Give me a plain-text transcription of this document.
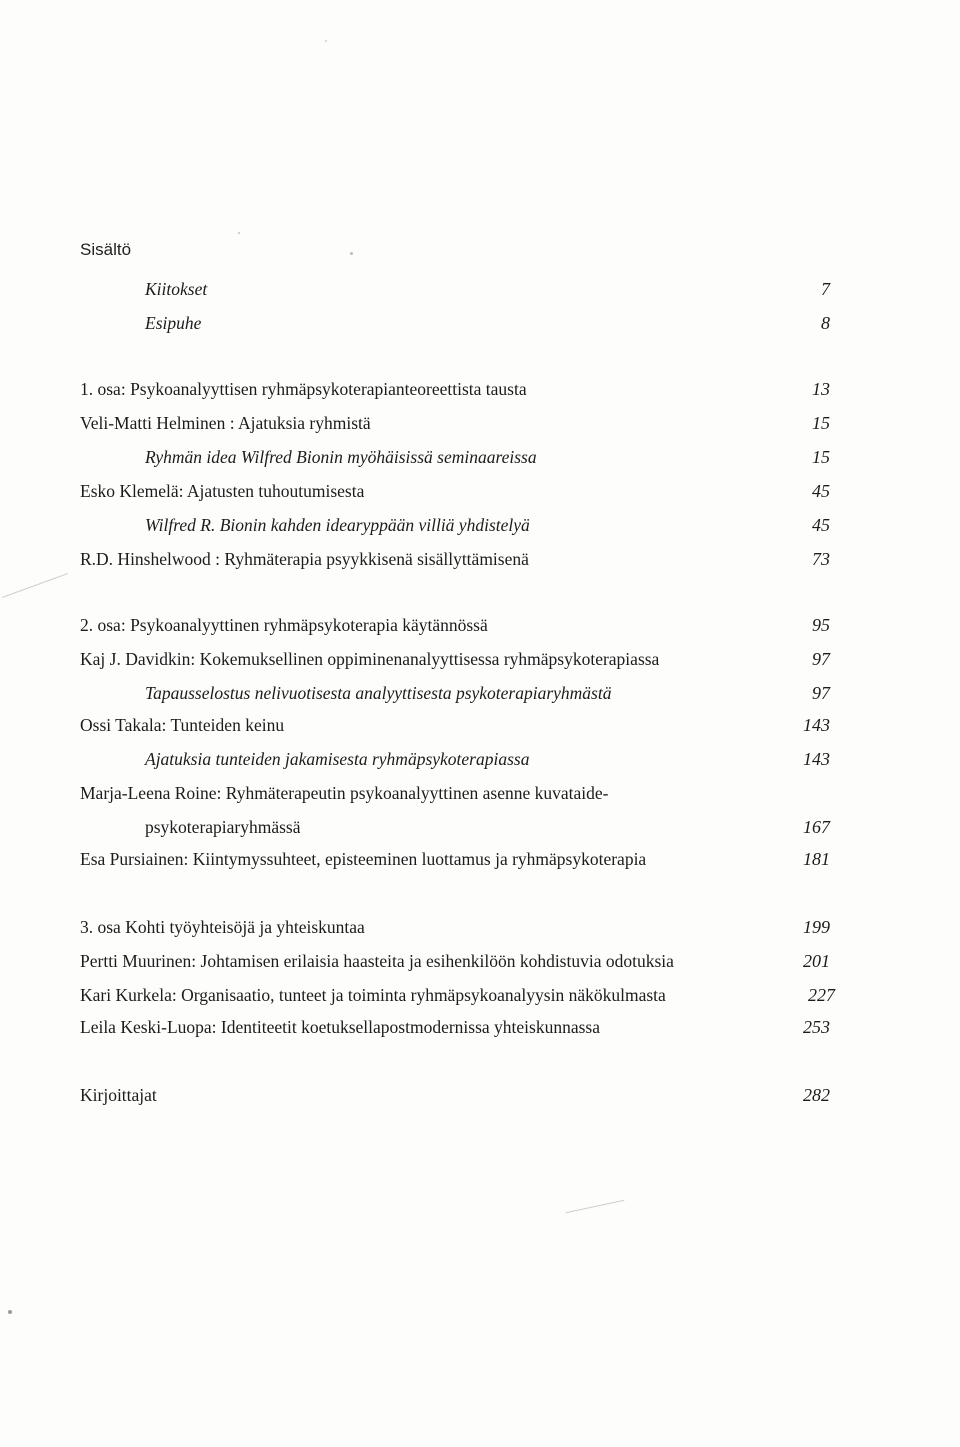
Sisältö
Kiitokset	7
Esipuhe	8
1. osa: Psykoanalyyttisen ryhmäpsykoterapianteoreettista tausta	13
Veli-Matti Helminen : Ajatuksia ryhmistä	15
Ryhmän idea Wilfred Bionin myöhäisissä seminaareissa	15
Esko Klemelä: Ajatusten tuhoutumisesta	45
Wilfred R. Bionin kahden idearyppään villiä yhdistelyä	45
R.D. Hinshelwood : Ryhmäterapia psyykkisenä sisällyttämisenä	73
2. osa: Psykoanalyyttinen ryhmäpsykoterapia käytännössä	95
Kaj J. Davidkin: Kokemuksellinen oppiminenanalyyttisessa ryhmäpsykoterapiassa	97
Tapausselostus nelivuotisesta analyyttisesta psykoterapiaryhmästä	97
Ossi Takala: Tunteiden keinu	143
Ajatuksia tunteiden jakamisesta ryhmäpsykoterapiassa	143
Marja-Leena Roine: Ryhmäterapeutin psykoanalyyttinen asenne kuvataide-
psykoterapiaryhmässä	167
Esa Pursiainen: Kiintymyssuhteet, episteeminen luottamus ja ryhmäpsykoterapia	181
3. osa Kohti työyhteisöjä ja yhteiskuntaa	199
Pertti Muurinen: Johtamisen erilaisia haasteita ja esihenkilöön kohdistuvia odotuksia	201
Kari Kurkela: Organisaatio, tunteet ja toiminta ryhmäpsykoanalyysin näkökulmasta	227
Leila Keski-Luopa: Identiteetit koetuksellapostmodernissa yhteiskunnassa	253
Kirjoittajat	282
